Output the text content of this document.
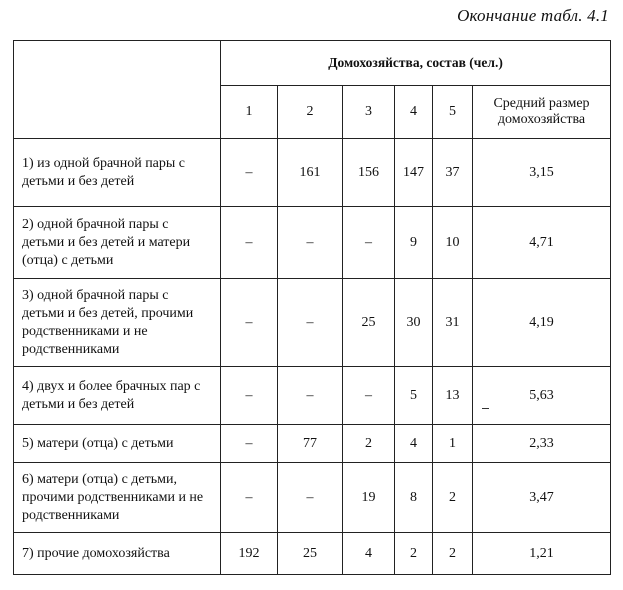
Окончание табл. 4.1
	Домохозяйства, состав (чел.)					
	1	2	3	4	5	Средний размер домохозяйства
1) из одной брачной пары с детьми и без детей	–	161	156	147	37	3,15
2) одной брачной пары с детьми и без детей и матери (отца) с детьми	–	–	–	9	10	4,71
3) одной брачной пары с детьми и без детей, прочими родственниками и не родственниками	–	–	25	30	31	4,19
4) двух и более брачных пар с детьми и без детей	–	–	–	5	13	5,63
5) матери (отца) с детьми	–	77	2	4	1	2,33
6) матери (отца) с детьми, прочими родственниками и не родственниками	–	–	19	8	2	3,47
7) прочие домохозяйства	192	25	4	2	2	1,21
